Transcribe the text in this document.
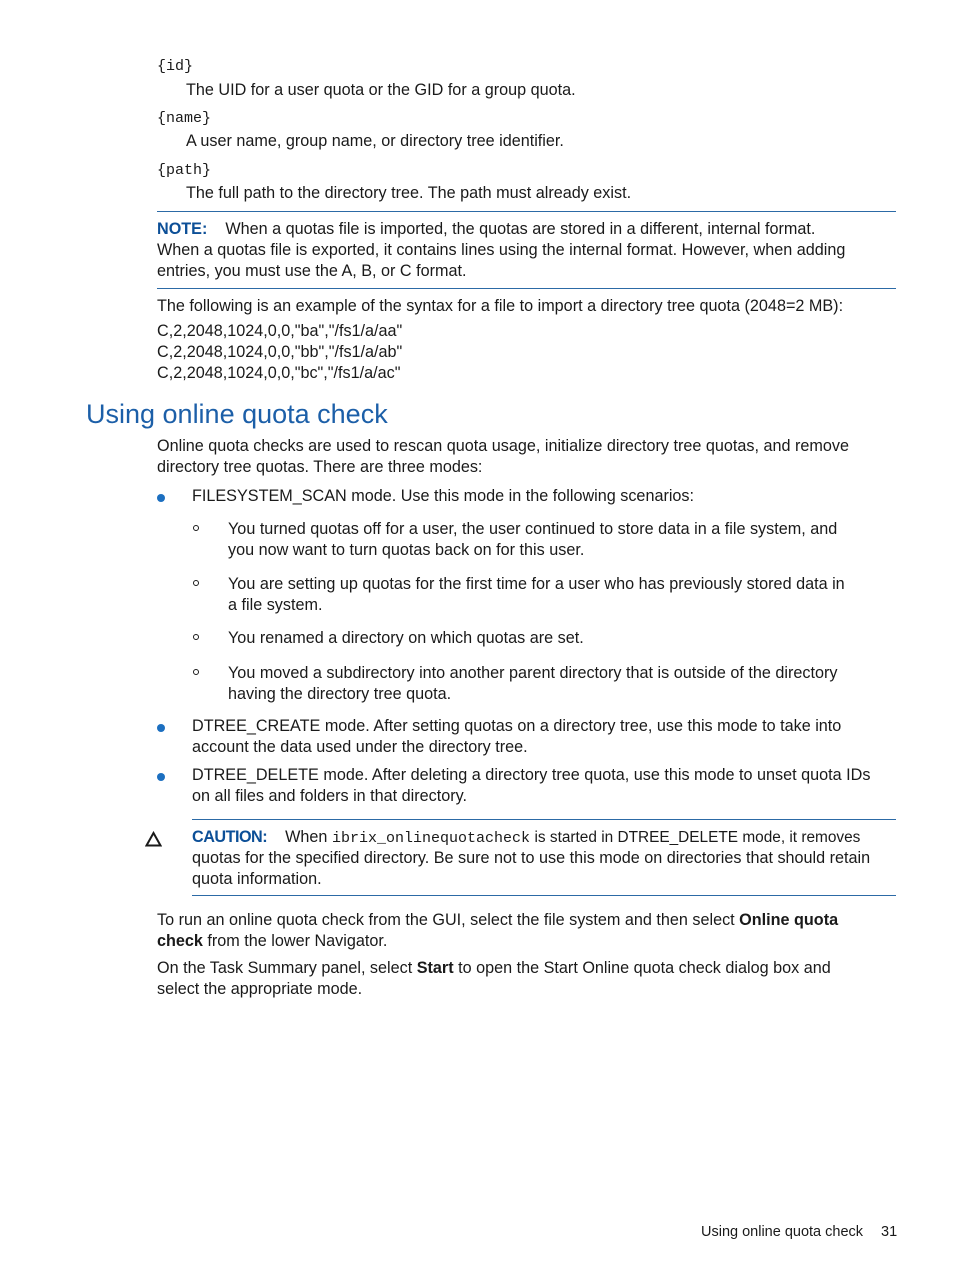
{id}
The UID for a user quota or the GID for a group quota.
{name}
A user name, group name, or directory tree identifier.
{path}
The full path to the directory tree. The path must already exist.
NOTE: When a quotas file is imported, the quotas are stored in a different, internal format.
When a quotas file is exported, it contains lines using the internal format. However, when adding
entries, you must use the A, B, or C format.
The following is an example of the syntax for a file to import a directory tree quota (2048=2 MB):
C,2,2048,1024,0,0,"ba","/fs1/a/aa"
C,2,2048,1024,0,0,"bb","/fs1/a/ab"
C,2,2048,1024,0,0,"bc","/fs1/a/ac"
Using online quota check
Online quota checks are used to rescan quota usage, initialize directory tree quotas, and remove
directory tree quotas. There are three modes:
FILESYSTEM_SCAN mode. Use this mode in the following scenarios:
You turned quotas off for a user, the user continued to store data in a file system, and
you now want to turn quotas back on for this user.
You are setting up quotas for the first time for a user who has previously stored data in
a file system.
You renamed a directory on which quotas are set.
You moved a subdirectory into another parent directory that is outside of the directory
having the directory tree quota.
DTREE_CREATE mode. After setting quotas on a directory tree, use this mode to take into
account the data used under the directory tree.
DTREE_DELETE mode. After deleting a directory tree quota, use this mode to unset quota IDs
on all files and folders in that directory.
CAUTION: When ibrix_onlinequotacheck is started in DTREE_DELETE mode, it removes
quotas for the specified directory. Be sure not to use this mode on directories that should retain
quota information.
To run an online quota check from the GUI, select the file system and then select Online quota
check from the lower Navigator.
On the Task Summary panel, select Start to open the Start Online quota check dialog box and
select the appropriate mode.
Using online quota check 31
